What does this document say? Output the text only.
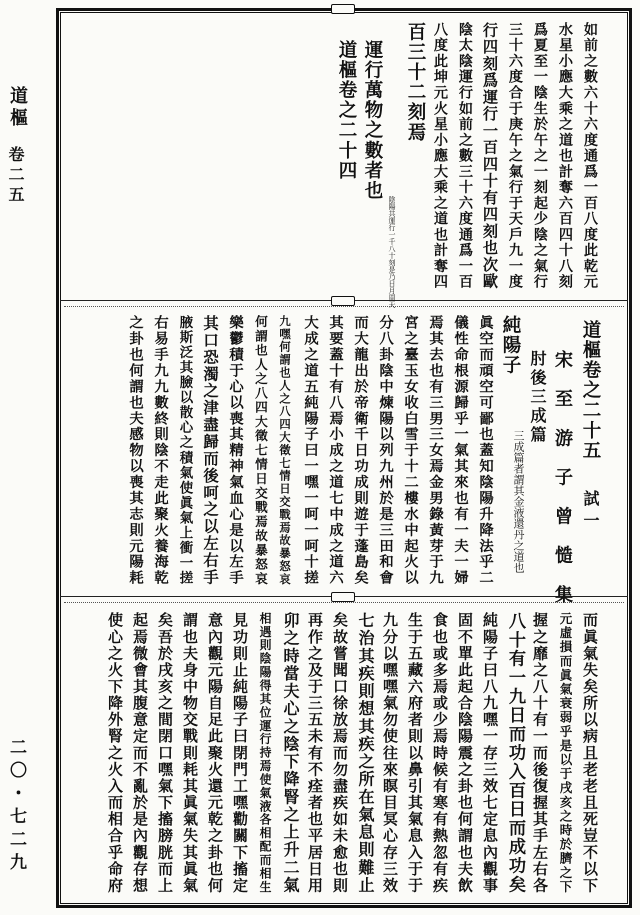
道樞
卷二五
二〇・七二九
如前之數六十六度通爲一百八度此乾元
水星小應大乘之道也計奪六百四十八刻
爲夏至一陰生於午之一刻起少陰之氣行
三十六度合于庚午之氣行于天戶九一度
行四刻爲運行一百四十有四刻也次歐
陰太陰運行如前之數三十六度通爲一百
八度此坤元火星小應大乘之道也計奪四
百三十二刻焉
陰陽共運行一千八十刻是乃日月周天
運行萬物之數者也
道樞卷之二十四
道樞卷之二十五
試一
宋 至 游 子 曾 慥 集
肘後三成篇
三成篇者謂其金液還丹之道也
純陽子
眞空而頑空可鄙也蓋知陰陽升降法乎二
儀性命根源歸乎一氣其來也有一夫一婦
焉其去也有三男三女焉金男錄黃芽于九
宮之臺玉女收白雪于十二樓水中起火以
分八卦陰中煉陽以列九州於是三田和會
而大龍出於帝衛千日功成則遊于蓬島矣
其要蓋十有八焉小成之道七中成之道六
大成之道五純陽子曰一嘿一呵一呵十搓
九嘿何謂也人之八四大徵七情日交戰焉故暴怒哀
何謂也人之八四大徵七情日交戰焉故暴怒哀
樂鬱積于心以喪其精神氣血心是以左手
其口恐濁之津盡歸而後呵之以左右手
腋斯泛其臉以散心之積氣使眞氣上衝一搓
右易手九九數終則陰不走此聚火養海乾
之卦也何謂也夫感物以喪其志則元陽耗
而眞氣失矣所以病且老老且死豈不以下
元虛損而眞氣衰弱乎是以于戌亥之時於臍之下
握之靡之八十有一而後復握其手左右各
八十有一九日而功入百日而成功矣
純陽子曰八九嘿一存三效七定息內觀事
固不單此起合陰陽震之卦也何謂也夫飲
食也或多焉或少焉時候有寒有熱忽有疾
生于五藏六府者則以鼻引其氣息入于于
九分以嘿嘿氣勿使往來瞑目冥心存三效
七治其疾則想其疾之所在氣息則難止
矣故嘗聞口徐放焉而勿盡疾如未愈也則
再作之及于三五未有不痊者也平居日用
卯之時當夫心之陰下降腎之上升二氣
相遇則陰陽得其位運行持焉使氣液各相配而相生
見功則止純陽子曰閉門工嘿勸關下搐定
意內觀元陽自足此聚火還元乾之卦也何
謂也夫身中物交戰則耗其眞氣失其眞氣
矣吾於戌亥之間閉口嘿氣下搐膀胱而上
起焉微會其腹意定而不亂於是內觀存想
使心之火下降外腎之火入而相合乎命府
